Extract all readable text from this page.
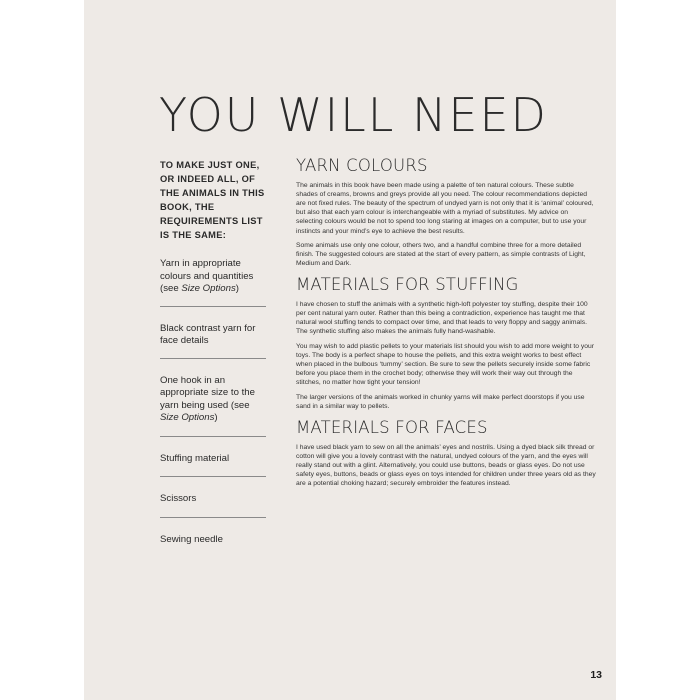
YOU WILL NEED

TO MAKE JUST ONE, OR INDEED ALL, OF THE ANIMALS IN THIS BOOK, THE REQUIREMENTS LIST IS THE SAME:

Yarn in appropriate colours and quantities (see Size Options)
Black contrast yarn for face details
One hook in an appropriate size to the yarn being used (see Size Options)
Stuffing material
Scissors
Sewing needle
YARN COLOURS

The animals in this book have been made using a palette of ten natural colours. These subtle shades of creams, browns and greys provide all you need. The colour recommendations depicted are not fixed rules. The beauty of the spectrum of undyed yarn is not only that it is ‘animal’ coloured, but also that each yarn colour is interchangeable with a myriad of substitutes. My advice on selecting colours would be not to spend too long staring at images on a computer, but to use your instincts and your mind’s eye to achieve the best results.

Some animals use only one colour, others two, and a handful combine three for a more detailed finish. The suggested colours are stated at the start of every pattern, as simple contrasts of Light, Medium and Dark.

MATERIALS FOR STUFFING

I have chosen to stuff the animals with a synthetic high-loft polyester toy stuffing, despite their 100 per cent natural yarn outer. Rather than this being a contradiction, experience has taught me that natural wool stuffing tends to compact over time, and that leads to very floppy and saggy animals. The synthetic stuffing also makes the animals fully hand-washable.

You may wish to add plastic pellets to your materials list should you wish to add more weight to your toys. The body is a perfect shape to house the pellets, and this extra weight works to best effect when placed in the bulbous ‘tummy’ section. Be sure to sew the pellets securely inside some fabric before you place them in the crochet body; otherwise they will work their way out through the stitches, no matter how tight your tension!

The larger versions of the animals worked in chunky yarns will make perfect doorstops if you use sand in a similar way to pellets.

MATERIALS FOR FACES

I have used black yarn to sew on all the animals’ eyes and nostrils. Using a dyed black silk thread or cotton will give you a lovely contrast with the natural, undyed colours of the yarn, and the eyes will really stand out with a glint. Alternatively, you could use buttons, beads or glass eyes. Do not use safety eyes, buttons, beads or glass eyes on toys intended for children under three years old as they are a potential choking hazard; securely embroider the features instead.

13
